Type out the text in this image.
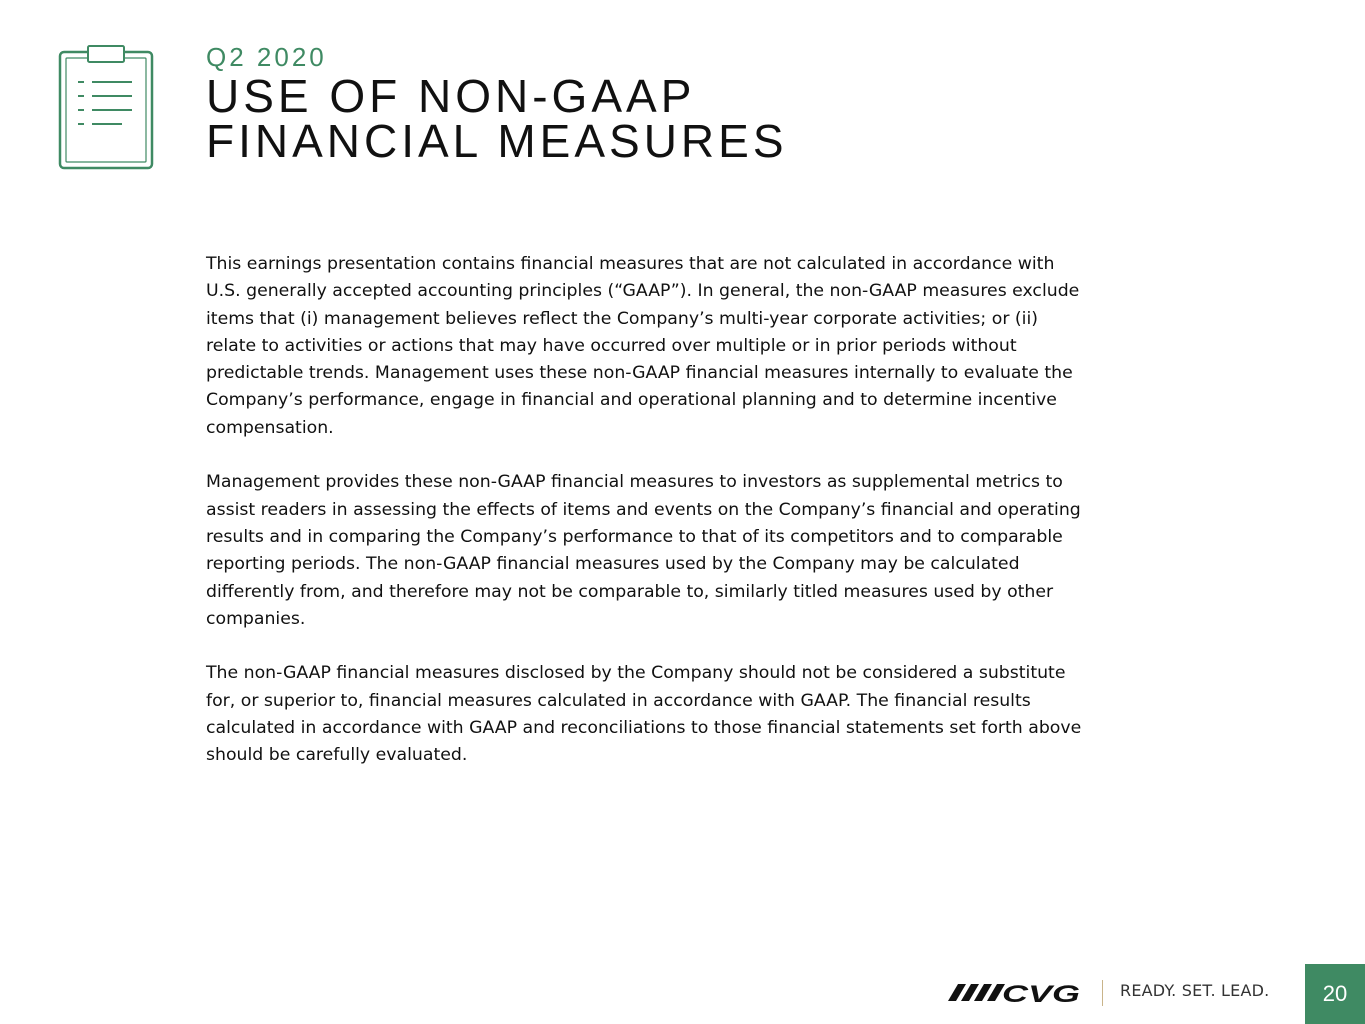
Q2 2020

USE OF NON-GAAP
FINANCIAL MEASURES

This earnings presentation contains financial measures that are not calculated in accordance with U.S. generally accepted accounting principles (“GAAP”). In general, the non-GAAP measures exclude items that (i) management believes reflect the Company’s multi-year corporate activities; or (ii) relate to activities or actions that may have occurred over multiple or in prior periods without predictable trends. Management uses these non-GAAP financial measures internally to evaluate the Company’s performance, engage in financial and operational planning and to determine incentive compensation.

Management provides these non-GAAP financial measures to investors as supplemental metrics to assist readers in assessing the effects of items and events on the Company’s financial and operating results and in comparing the Company’s performance to that of its competitors and to comparable reporting periods. The non-GAAP financial measures used by the Company may be calculated differently from, and therefore may not be comparable to, similarly titled measures used by other companies.

The non-GAAP financial measures disclosed by the Company should not be considered a substitute for, or superior to, financial measures calculated in accordance with GAAP. The financial results calculated in accordance with GAAP and reconciliations to those financial statements set forth above should be carefully evaluated.

CVG	READY. SET. LEAD.	20
